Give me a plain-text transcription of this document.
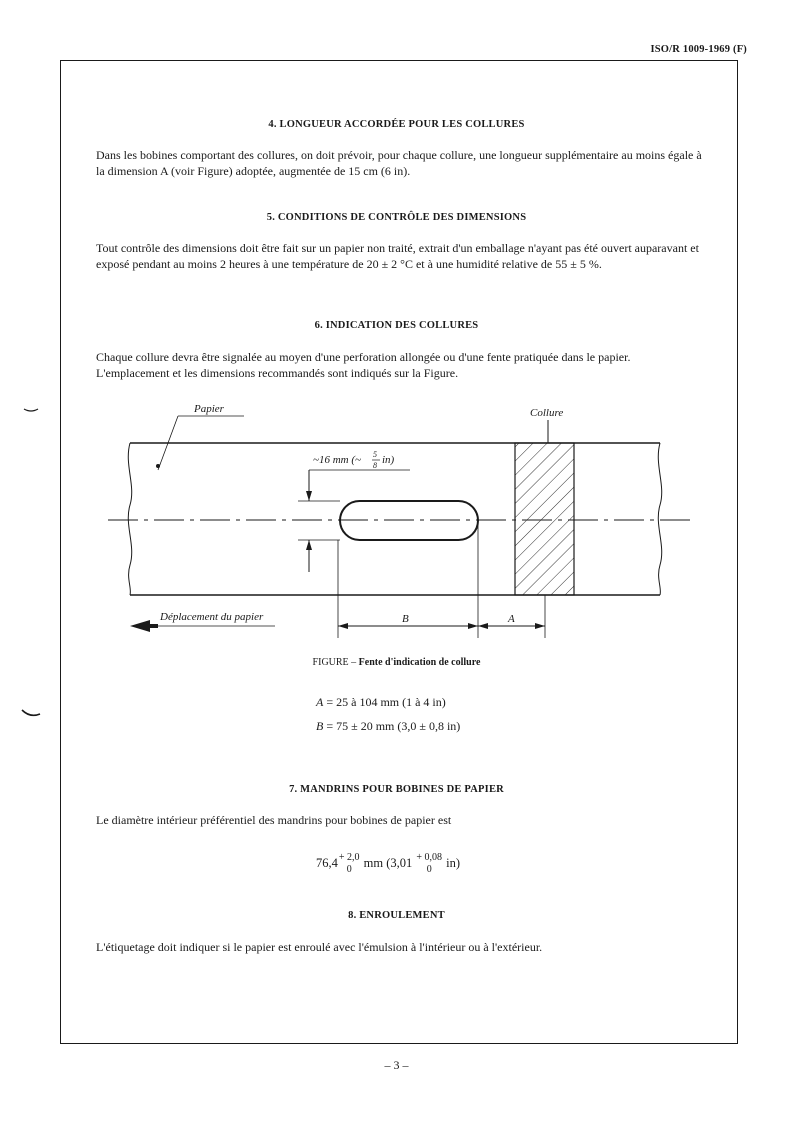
ISO/R 1009-1969 (F)
4. LONGUEUR ACCORDÉE POUR LES COLLURES
Dans les bobines comportant des collures, on doit prévoir, pour chaque collure, une longueur supplémentaire au moins égale à la dimension A (voir Figure) adoptée, augmentée de 15 cm (6 in).
5. CONDITIONS DE CONTRÔLE DES DIMENSIONS
Tout contrôle des dimensions doit être fait sur un papier non traité, extrait d'un emballage n'ayant pas été ouvert auparavant et exposé pendant au moins 2 heures à une température de 20 ± 2 °C et à une humidité relative de 55 ± 5 %.
6. INDICATION DES COLLURES
Chaque collure devra être signalée au moyen d'une perforation allongée ou d'une fente pratiquée dans le papier. L'emplacement et les dimensions recommandés sont indiqués sur la Figure.
Papier	Collure
~16 mm (~ 5
8 in)
Déplacement du papier	B	A
FIGURE – Fente d'indication de collure
A = 25 à 104 mm (1 à 4 in)
B = 75 ± 20 mm (3,0 ± 0,8 in)
7. MANDRINS POUR BOBINES DE PAPIER
Le diamètre intérieur préférentiel des mandrins pour bobines de papier est
76,4 + 2,0
0 mm (3,01 + 0,08
0 in)
8. ENROULEMENT
L'étiquetage doit indiquer si le papier est enroulé avec l'émulsion à l'intérieur ou à l'extérieur.
– 3 –
